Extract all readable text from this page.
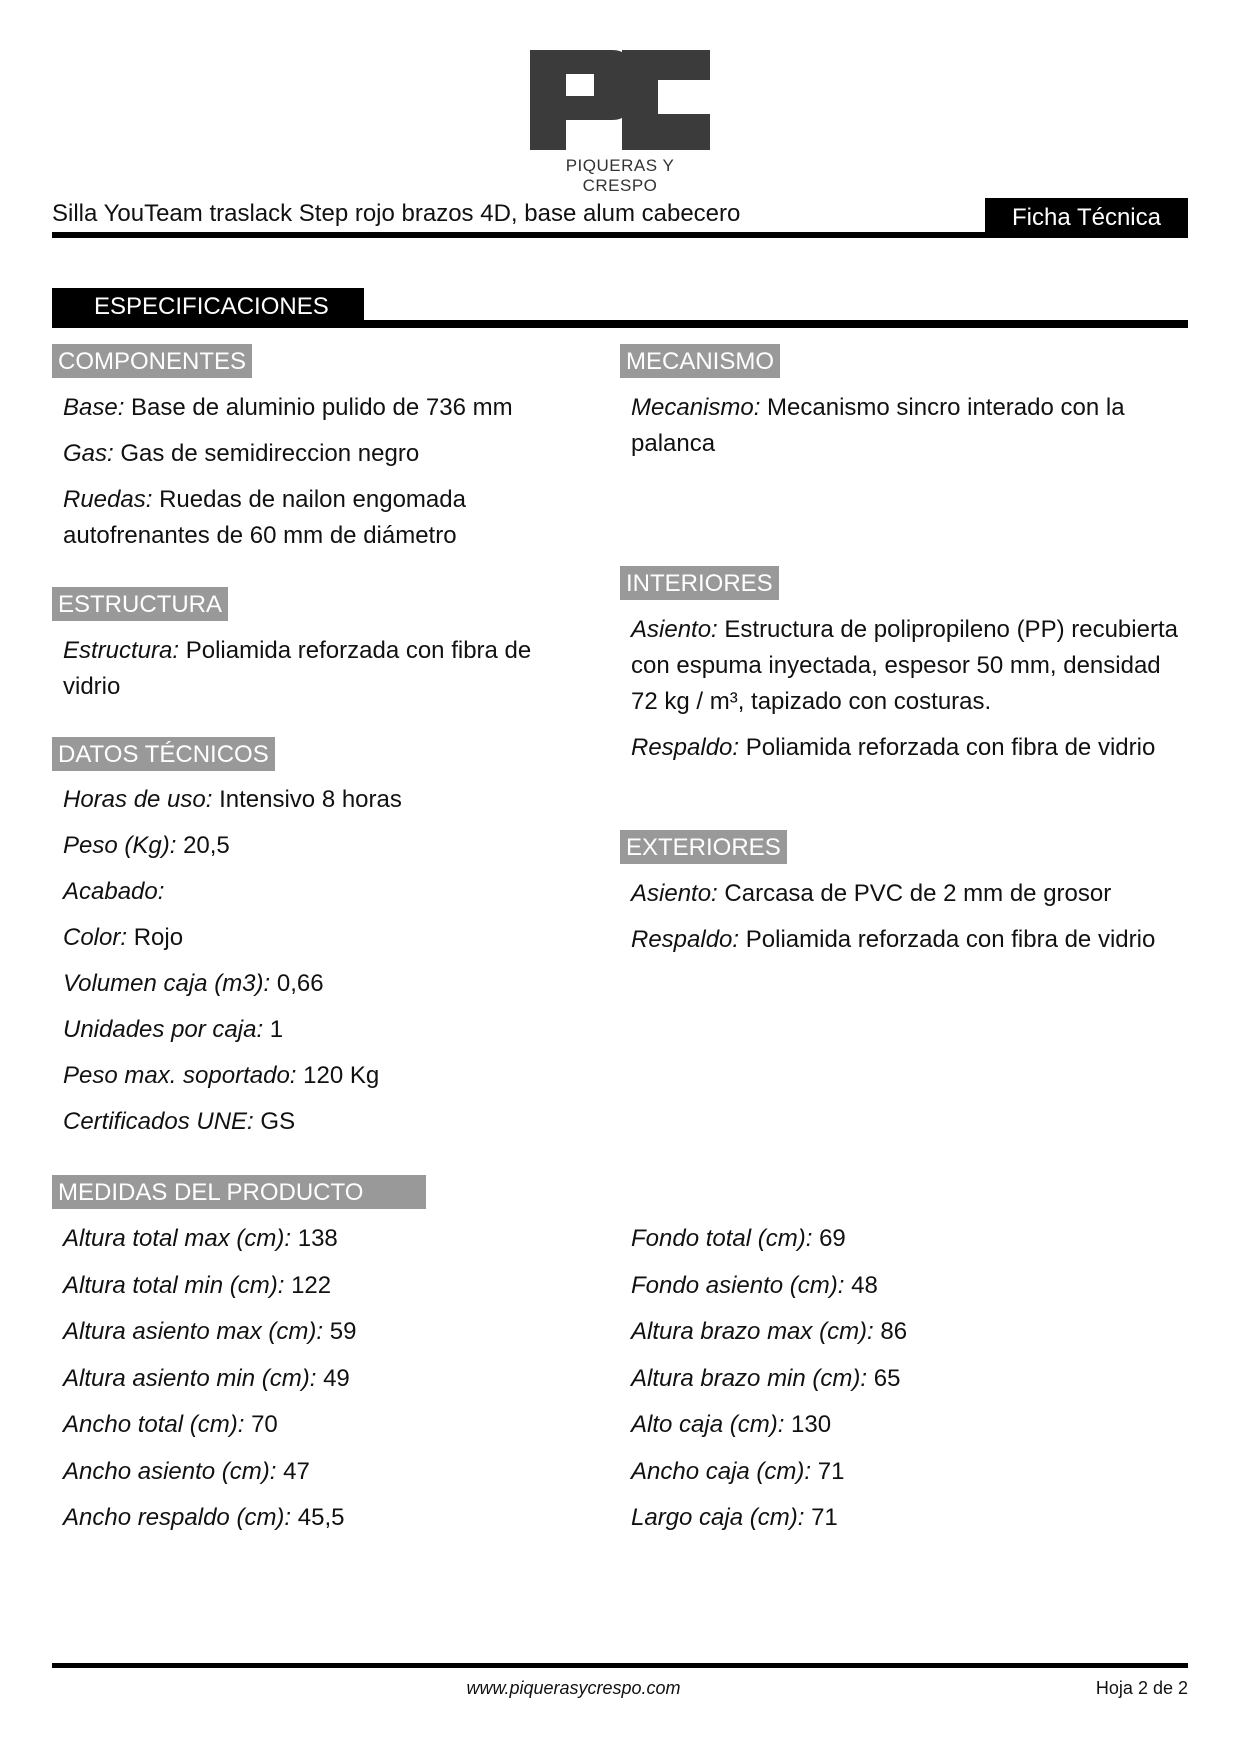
PIQUERAS Y CRESPO
Silla YouTeam traslack Step rojo brazos 4D, base alum cabecero	Ficha Técnica
ESPECIFICACIONES
COMPONENTES
Base: Base de aluminio pulido de 736 mm
Gas: Gas de semidireccion negro
Ruedas: Ruedas de nailon engomada autofrenantes de 60 mm de diámetro
ESTRUCTURA
Estructura: Poliamida reforzada con fibra de vidrio
DATOS TÉCNICOS
Horas de uso: Intensivo 8 horas
Peso (Kg): 20,5
Acabado:
Color: Rojo
Volumen caja (m3): 0,66
Unidades por caja: 1
Peso max. soportado: 120 Kg
Certificados UNE: GS
MECANISMO
Mecanismo: Mecanismo sincro interado con la palanca
INTERIORES
Asiento: Estructura de polipropileno (PP) recubierta con espuma inyectada, espesor 50 mm, densidad 72 kg / m³, tapizado con costuras.
Respaldo: Poliamida reforzada con fibra de vidrio
EXTERIORES
Asiento: Carcasa de PVC de 2 mm de grosor
Respaldo: Poliamida reforzada con fibra de vidrio
MEDIDAS DEL PRODUCTO
Altura total max (cm): 138
Altura total min (cm): 122
Altura asiento max (cm): 59
Altura asiento min (cm): 49
Ancho total (cm): 70
Ancho asiento (cm): 47
Ancho respaldo (cm): 45,5
Fondo total (cm): 69
Fondo asiento (cm): 48
Altura brazo max (cm): 86
Altura brazo min (cm): 65
Alto caja (cm): 130
Ancho caja (cm): 71
Largo caja (cm): 71
www.piquerasycrespo.com	Hoja 2 de 2
